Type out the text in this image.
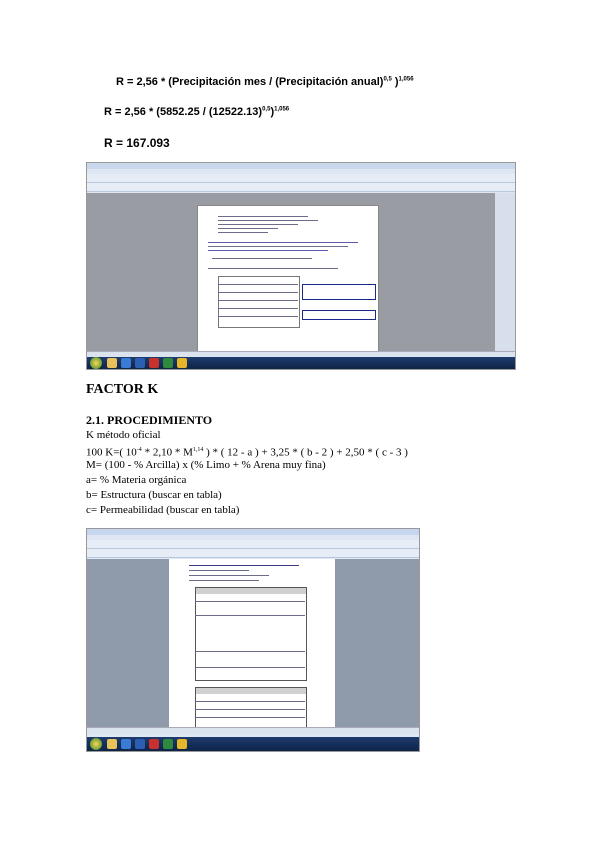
R = 2,56 * (Precipitación mes / (Precipitación anual)$^{0,5}$ )$^{1,056}$
$R = 2,56 * (5852.25 / (12522.13)^{0,5})^{1,056}$
R = 167.093
FACTOR K
2.1. PROCEDIMIENTO
K método oficial
100 K=( $10^{-4} * 2,10 * M^{1,14}$ ) * ( 12 - a ) + 3,25 * ( b - 2 ) + 2,50 * ( c - 3 )
M= (100 - % Arcilla) x (% Limo + % Arena muy fina)
a= % Materia orgánica
b= Estructura (buscar en tabla)
c= Permeabilidad (buscar en tabla)
